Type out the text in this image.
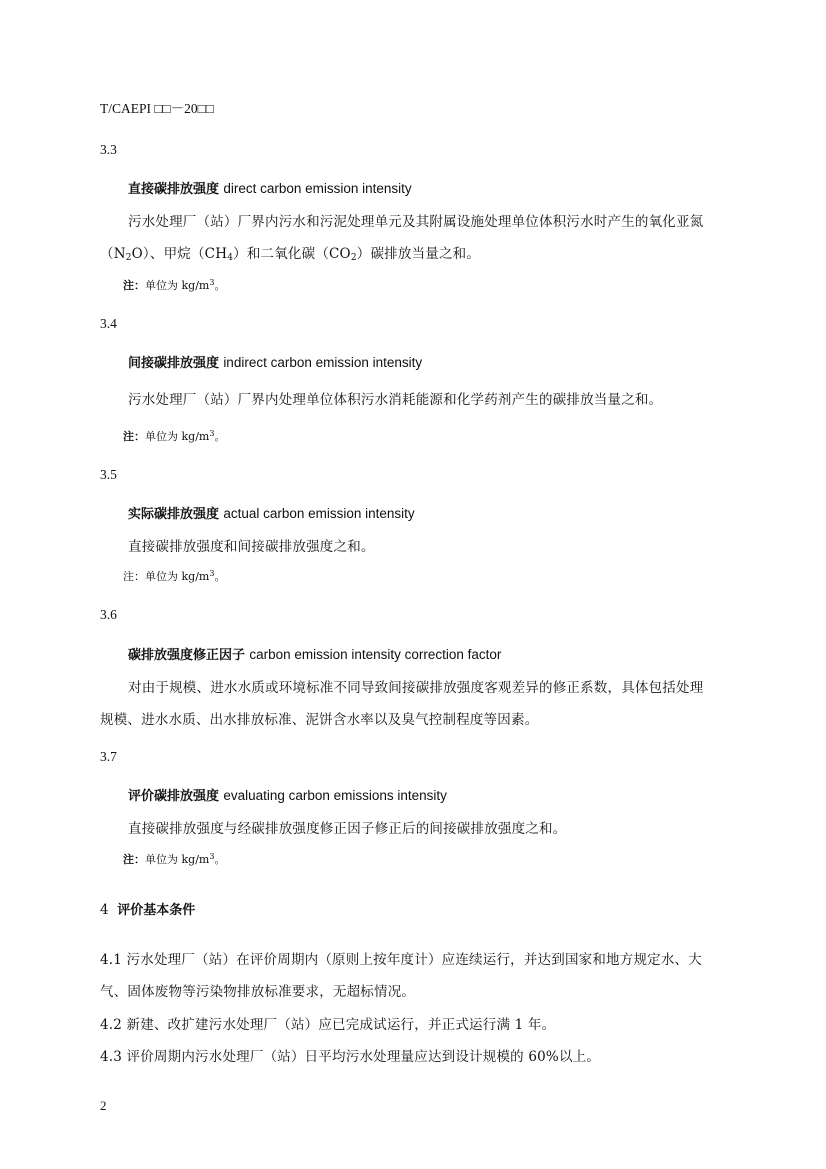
T/CAEPI □□－20□□
3.3
直接碳排放强度 direct carbon emission intensity
污水处理厂（站）厂界内污水和污泥处理单元及其附属设施处理单位体积污水时产生的氧化亚氮
$(N_2O)$、甲烷$(CH_4)$和二氧化碳$(CO_2)$碳排放当量之和。
注：单位为 $kg/m^3$。
3.4
间接碳排放强度 indirect carbon emission intensity
污水处理厂（站）厂界内处理单位体积污水消耗能源和化学药剂产生的碳排放当量之和。
注：单位为 $kg/m^3$。
3.5
实际碳排放强度 actual carbon emission intensity
直接碳排放强度和间接碳排放强度之和。
注：单位为 $kg/m^3$。
3.6
碳排放强度修正因子 carbon emission intensity correction factor
对由于规模、进水水质或环境标准不同导致间接碳排放强度客观差异的修正系数，具体包括处理
规模、进水水质、出水排放标准、泥饼含水率以及臭气控制程度等因素。
3.7
评价碳排放强度 evaluating carbon emissions intensity
直接碳排放强度与经碳排放强度修正因子修正后的间接碳排放强度之和。
注：单位为 $kg/m^3$。
4 评价基本条件
4.1 污水处理厂（站）在评价周期内（原则上按年度计）应连续运行，并达到国家和地方规定水、大
气、固体废物等污染物排放标准要求，无超标情况。
4.2 新建、改扩建污水处理厂（站）应已完成试运行，并正式运行满 1 年。
4.3 评价周期内污水处理厂（站）日平均污水处理量应达到设计规模的 60%以上。
2
